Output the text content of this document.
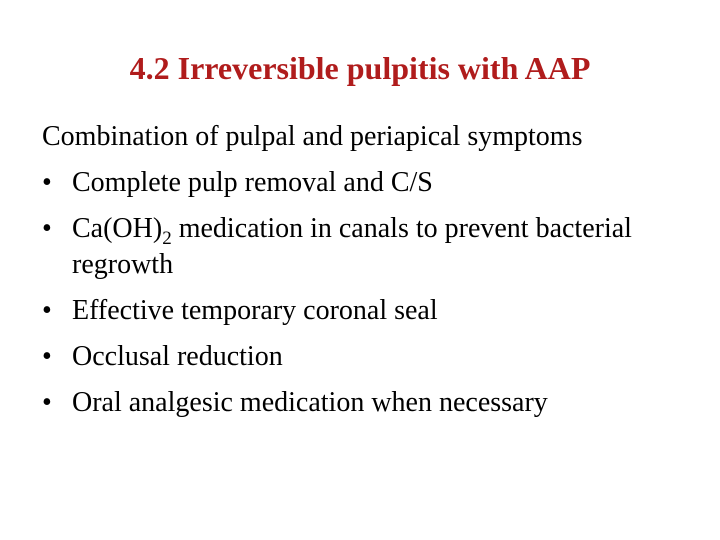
4.2 Irreversible pulpitis with AAP

Combination of pulpal and periapical symptoms

• Complete pulp removal and C/S
• $Ca(OH)_2$ medication in canals to prevent bacterial regrowth
• Effective temporary coronal seal
• Occlusal reduction
• Oral analgesic medication when necessary
